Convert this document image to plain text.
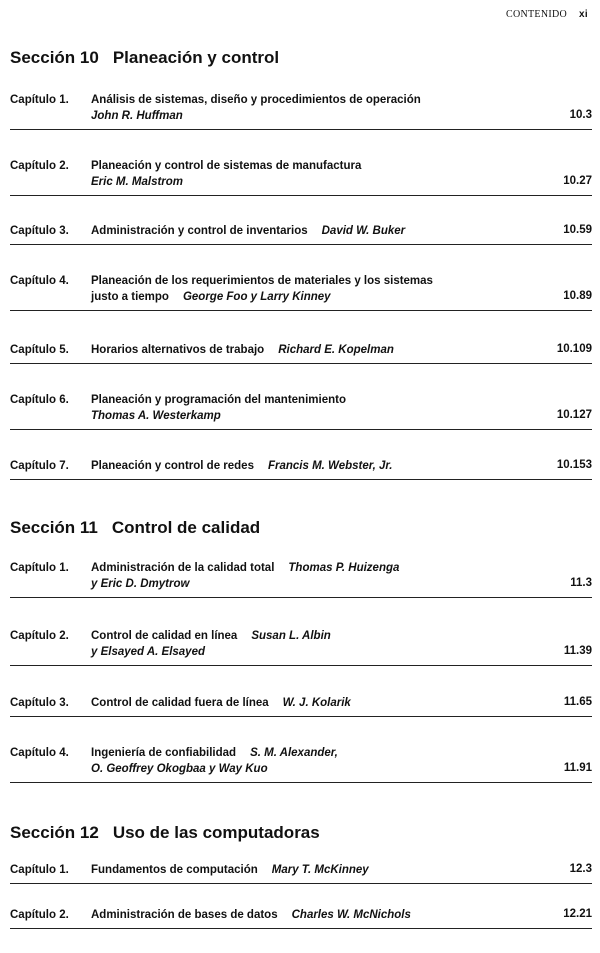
CONTENIDO xi
Sección 10 Planeación y control
Capítulo 1. Análisis de sistemas, diseño y procedimientos de operación
John R. Huffman	10.3
Capítulo 2. Planeación y control de sistemas de manufactura
Eric M. Malstrom	10.27
Capítulo 3. Administración y control de inventarios David W. Buker	10.59
Capítulo 4. Planeación de los requerimientos de materiales y los sistemas
justo a tiempo George Foo y Larry Kinney	10.89
Capítulo 5. Horarios alternativos de trabajo Richard E. Kopelman	10.109
Capítulo 6. Planeación y programación del mantenimiento
Thomas A. Westerkamp	10.127
Capítulo 7. Planeación y control de redes Francis M. Webster, Jr.	10.153
Sección 11 Control de calidad
Capítulo 1. Administración de la calidad total Thomas P. Huizenga
y Eric D. Dmytrow	11.3
Capítulo 2. Control de calidad en línea Susan L. Albin
y Elsayed A. Elsayed	11.39
Capítulo 3. Control de calidad fuera de línea W. J. Kolarik	11.65
Capítulo 4. Ingeniería de confiabilidad S. M. Alexander,
O. Geoffrey Okogbaa y Way Kuo	11.91
Sección 12 Uso de las computadoras
Capítulo 1. Fundamentos de computación Mary T. McKinney	12.3
Capítulo 2. Administración de bases de datos Charles W. McNichols	12.21
